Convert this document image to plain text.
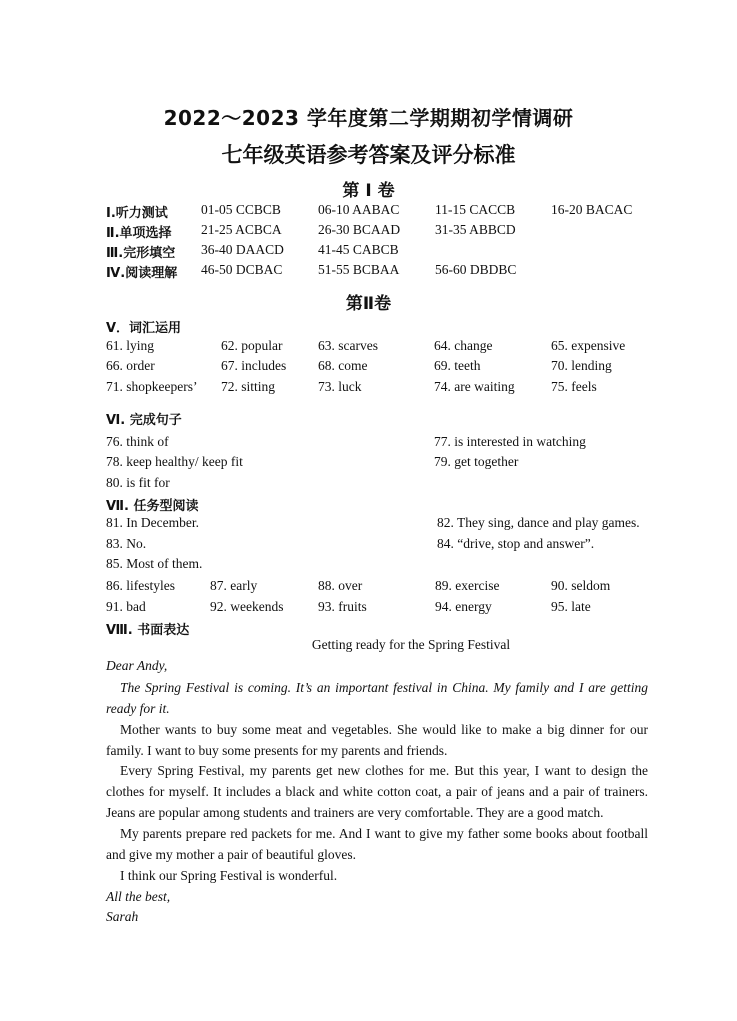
2022～2023 学年度第二学期期初学情调研
七年级英语参考答案及评分标准
第 I 卷
Ⅰ.听力测试 01-05 CCBCB	06-10 AABAC	11-15 CACCB	16-20 BACAC
Ⅱ.单项选择 21-25 ACBCA	26-30 BCAAD	31-35 ABBCD
Ⅲ.完形填空 36-40 DAACD	41-45 CABCB
Ⅳ.阅读理解 46-50 DCBAC	51-55 BCBAA	56-60 DBDBC
第Ⅱ卷
Ⅴ．词汇运用
61. lying	62. popular	63. scarves	64. change	65. expensive
66. order	67. includes 68. come	69. teeth	70. lending
71. shopkeepers’ 72. sitting	73. luck	74. are waiting	75. feels
Ⅵ. 完成句子
76. think of	77. is interested in watching
78. keep healthy/ keep fit	79. get together
80. is fit for
Ⅶ. 任务型阅读
81. In December.	82. They sing, dance and play games.
83. No.	84. “drive, stop and answer”.
85. Most of them.
86. lifestyles	87. early	88. over	89. exercise	90. seldom
91. bad	92. weekends	93. fruits	94. energy	95. late
Ⅷ. 书面表达
Getting ready for the Spring Festival
Dear Andy,
The Spring Festival is coming. It’s an important festival in China. My family and I are getting ready for it.
Mother wants to buy some meat and vegetables. She would like to make a big dinner for our family. I want to buy some presents for my parents and friends.
Every Spring Festival, my parents get new clothes for me. But this year, I want to design the clothes for myself. It includes a black and white cotton coat, a pair of jeans and a pair of trainers. Jeans are popular among students and trainers are very comfortable. They are a good match.
My parents prepare red packets for me. And I want to give my father some books about football and give my mother a pair of beautiful gloves.
I think our Spring Festival is wonderful.
All the best,
Sarah
